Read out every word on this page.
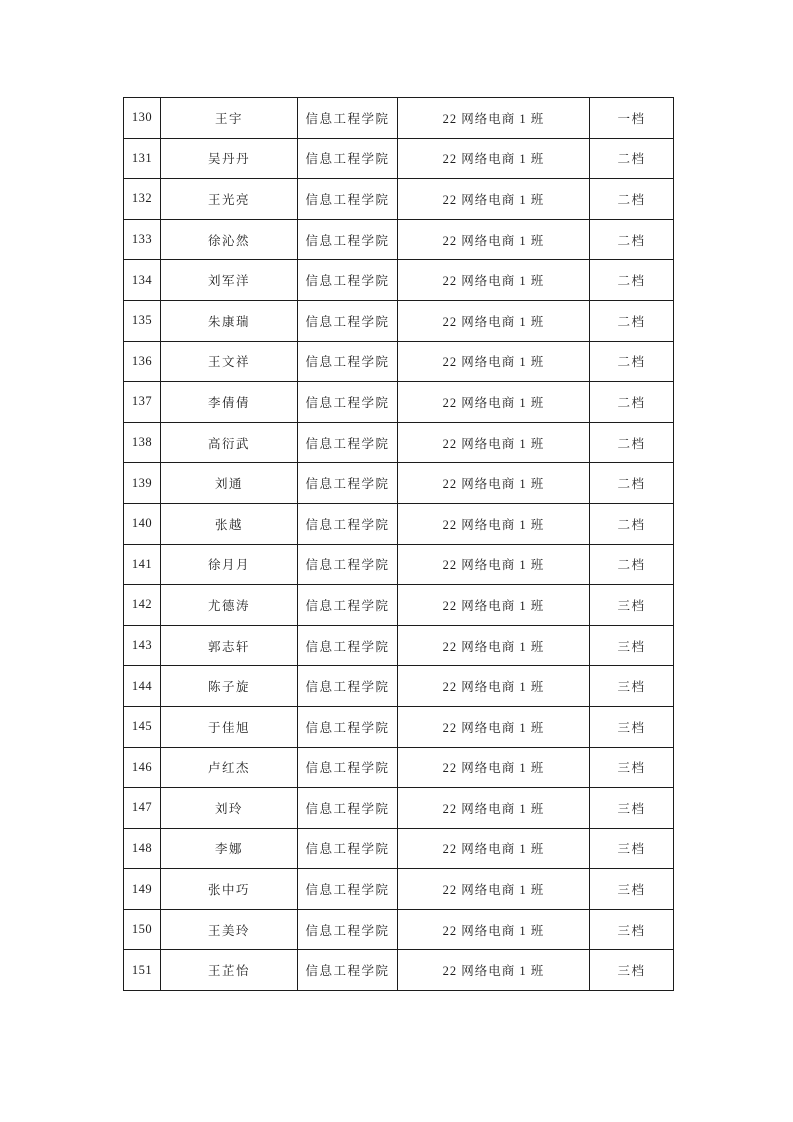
130	王宇	信息工程学院	22 网络电商 1 班	一档
131	吴丹丹	信息工程学院	22 网络电商 1 班	二档
132	王光亮	信息工程学院	22 网络电商 1 班	二档
133	徐沁然	信息工程学院	22 网络电商 1 班	二档
134	刘军洋	信息工程学院	22 网络电商 1 班	二档
135	朱康瑞	信息工程学院	22 网络电商 1 班	二档
136	王文祥	信息工程学院	22 网络电商 1 班	二档
137	李倩倩	信息工程学院	22 网络电商 1 班	二档
138	高衍武	信息工程学院	22 网络电商 1 班	二档
139	刘通	信息工程学院	22 网络电商 1 班	二档
140	张越	信息工程学院	22 网络电商 1 班	二档
141	徐月月	信息工程学院	22 网络电商 1 班	二档
142	尤德涛	信息工程学院	22 网络电商 1 班	三档
143	郭志轩	信息工程学院	22 网络电商 1 班	三档
144	陈子旋	信息工程学院	22 网络电商 1 班	三档
145	于佳旭	信息工程学院	22 网络电商 1 班	三档
146	卢红杰	信息工程学院	22 网络电商 1 班	三档
147	刘玲	信息工程学院	22 网络电商 1 班	三档
148	李娜	信息工程学院	22 网络电商 1 班	三档
149	张中巧	信息工程学院	22 网络电商 1 班	三档
150	王美玲	信息工程学院	22 网络电商 1 班	三档
151	王芷怡	信息工程学院	22 网络电商 1 班	三档
